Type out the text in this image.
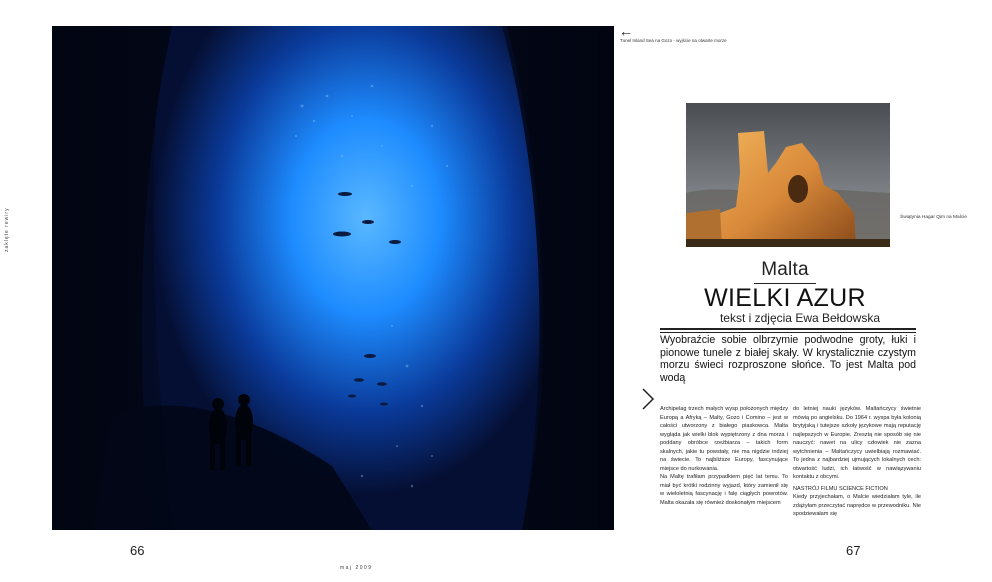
zaklęte rewiry
←
Tunel Inland Sea na Gozo - wyjście na otwarte morze
Świątynia Hagar Qim na Malcie
Malta
WIELKI AZUR
tekst i zdjęcia Ewa Bełdowska

Wyobraźcie sobie olbrzymie podwodne groty, łuki i pionowe tunele z białej skały. W krystalicznie czystym morzu świeci rozproszone słońce. To jest Malta pod wodą

Archipelag trzech małych wysp położonych między Europą a Afryką – Malty, Gozo i Comino – jest w całości utworzony z białego piaskowca. Malta wygląda jak wielki blok wypiętrzony z dna morza i poddany obróbce rzeźbiarza – takich form skalnych, jakie tu powstały, nie ma nigdzie indziej na świecie. To najbliższe Europy, fascynujące miejsce do nurkowania.

Na Maltę trafiłam przypadkiem pięć lat temu. To miał być krótki rodzinny wyjazd, który zamienił się w wieloletnią fascynację i falę ciągłych powrotów. Malta okazała się również doskonałym miejscem

do letniej nauki języków. Maltańczycy świetnie mówią po angielsku. Do 1964 r. wyspa była kolonią brytyjską i tutejsze szkoły językowe mają reputację najlepszych w Europie. Zresztą nie sposób się nie nauczyć: nawet na ulicy człowiek nie zazna wytchnienia – Maltańczycy uwielbiają rozmawiać. To jedna z najbardziej ujmujących lokalnych cech: otwartość ludzi, ich łatwość w nawiązywaniu kontaktu z obcymi.

NASTRÓJ FILMU SCIENCE FICTION

Kiedy przyjechałam, o Malcie wiedziałam tyle, ile zdążyłam przeczytać naprędce w przewodniku. Nie spodziewałam się

66	67
maj 2009
